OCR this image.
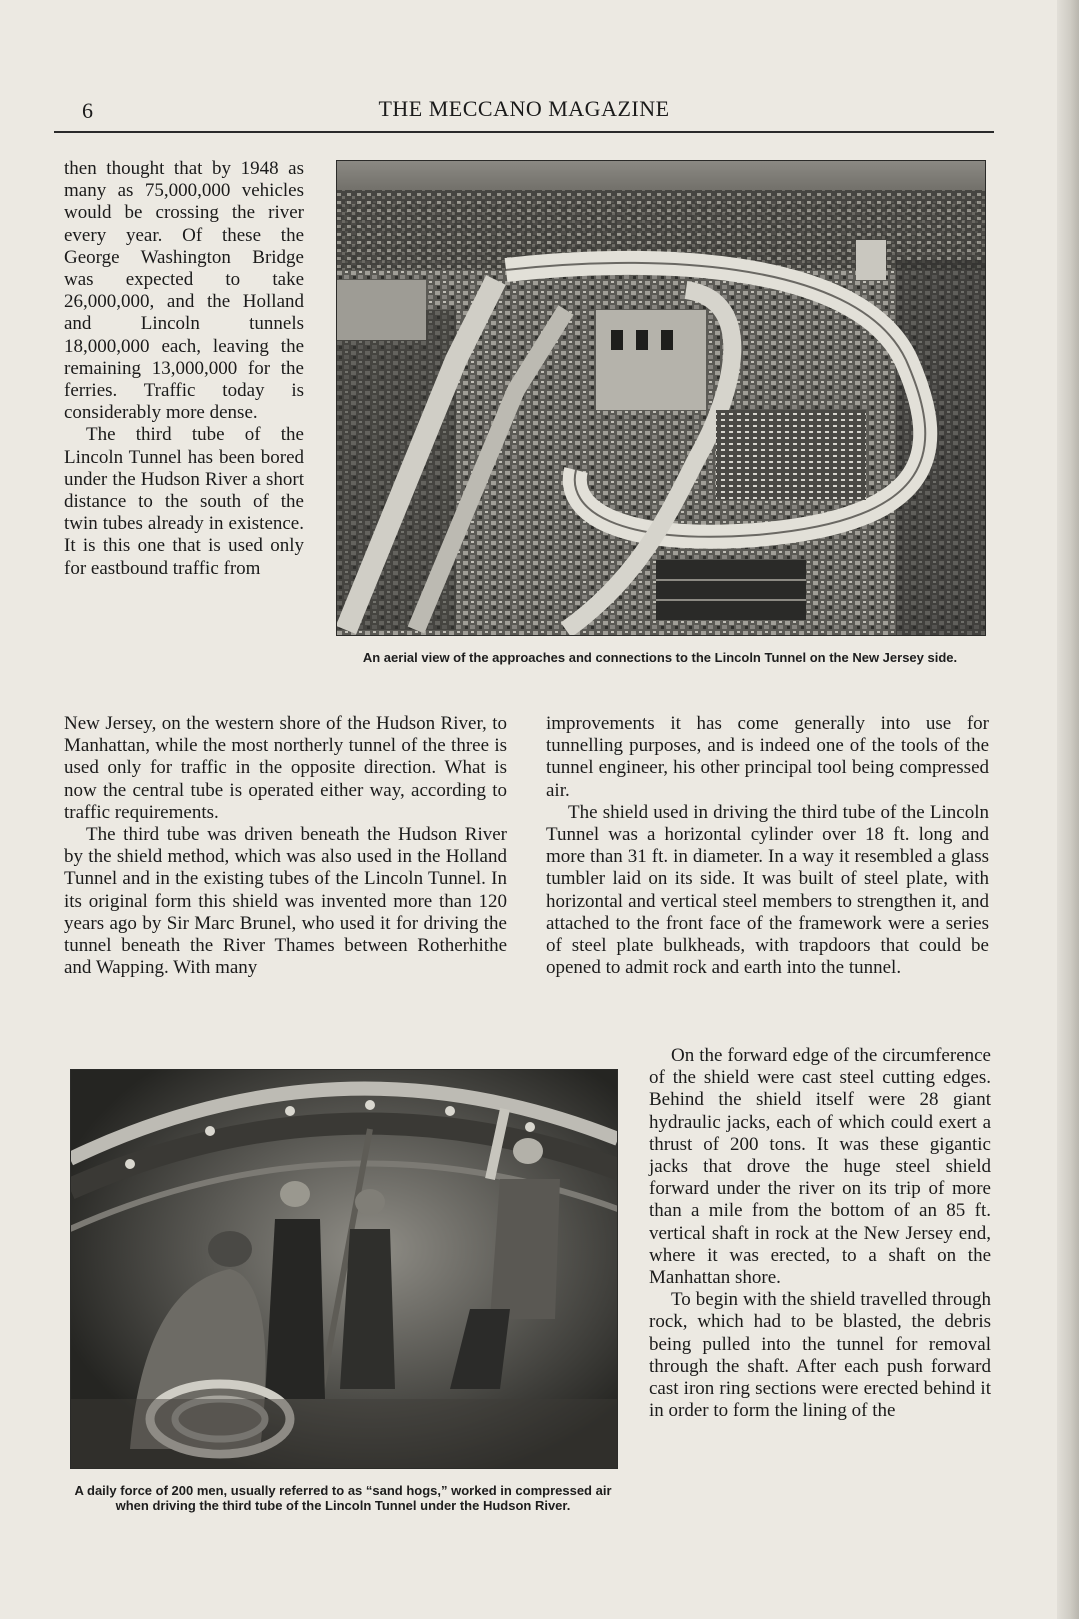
6	THE MECCANO MAGAZINE

then thought that by 1948 as many as 75,000,000 vehicles would be crossing the river every year. Of these the George Washington Bridge was expected to take 26,000,000, and the Holland and Lincoln tunnels 18,000,000 each, leaving the remaining 13,000,000 for the ferries. Traffic today is considerably more dense.

The third tube of the Lincoln Tunnel has been bored under the Hudson River a short distance to the south of the twin tubes already in existence. It is this one that is used only for eastbound traffic from

An aerial view of the approaches and connections to the Lincoln Tunnel on the New Jersey side.

New Jersey, on the western shore of the Hudson River, to Manhattan, while the most northerly tunnel of the three is used only for traffic in the opposite direction. What is now the central tube is operated either way, according to traffic requirements.

The third tube was driven beneath the Hudson River by the shield method, which was also used in the Holland Tunnel and in the existing tubes of the Lincoln Tunnel. In its original form this shield was invented more than 120 years ago by Sir Marc Brunel, who used it for driving the tunnel beneath the River Thames between Rotherhithe and Wapping. With many

improvements it has come generally into use for tunnelling purposes, and is indeed one of the tools of the tunnel engineer, his other principal tool being compressed air.

The shield used in driving the third tube of the Lincoln Tunnel was a horizontal cylinder over 18 ft. long and more than 31 ft. in diameter. In a way it resembled a glass tumbler laid on its side. It was built of steel plate, with horizontal and vertical steel members to strengthen it, and attached to the front face of the framework were a series of steel plate bulkheads, with trapdoors that could be opened to admit rock and earth into the tunnel.

A daily force of 200 men, usually referred to as “sand hogs,” worked in compressed air when driving the third tube of the Lincoln Tunnel under the Hudson River.

On the forward edge of the circumference of the shield were cast steel cutting edges. Behind the shield itself were 28 giant hydraulic jacks, each of which could exert a thrust of 200 tons. It was these gigantic jacks that drove the huge steel shield forward under the river on its trip of more than a mile from the bottom of an 85 ft. vertical shaft in rock at the New Jersey end, where it was erected, to a shaft on the Manhattan shore.

To begin with the shield travelled through rock, which had to be blasted, the debris being pulled into the tunnel for removal through the shaft. After each push forward cast iron ring sections were erected behind it in order to form the lining of the
